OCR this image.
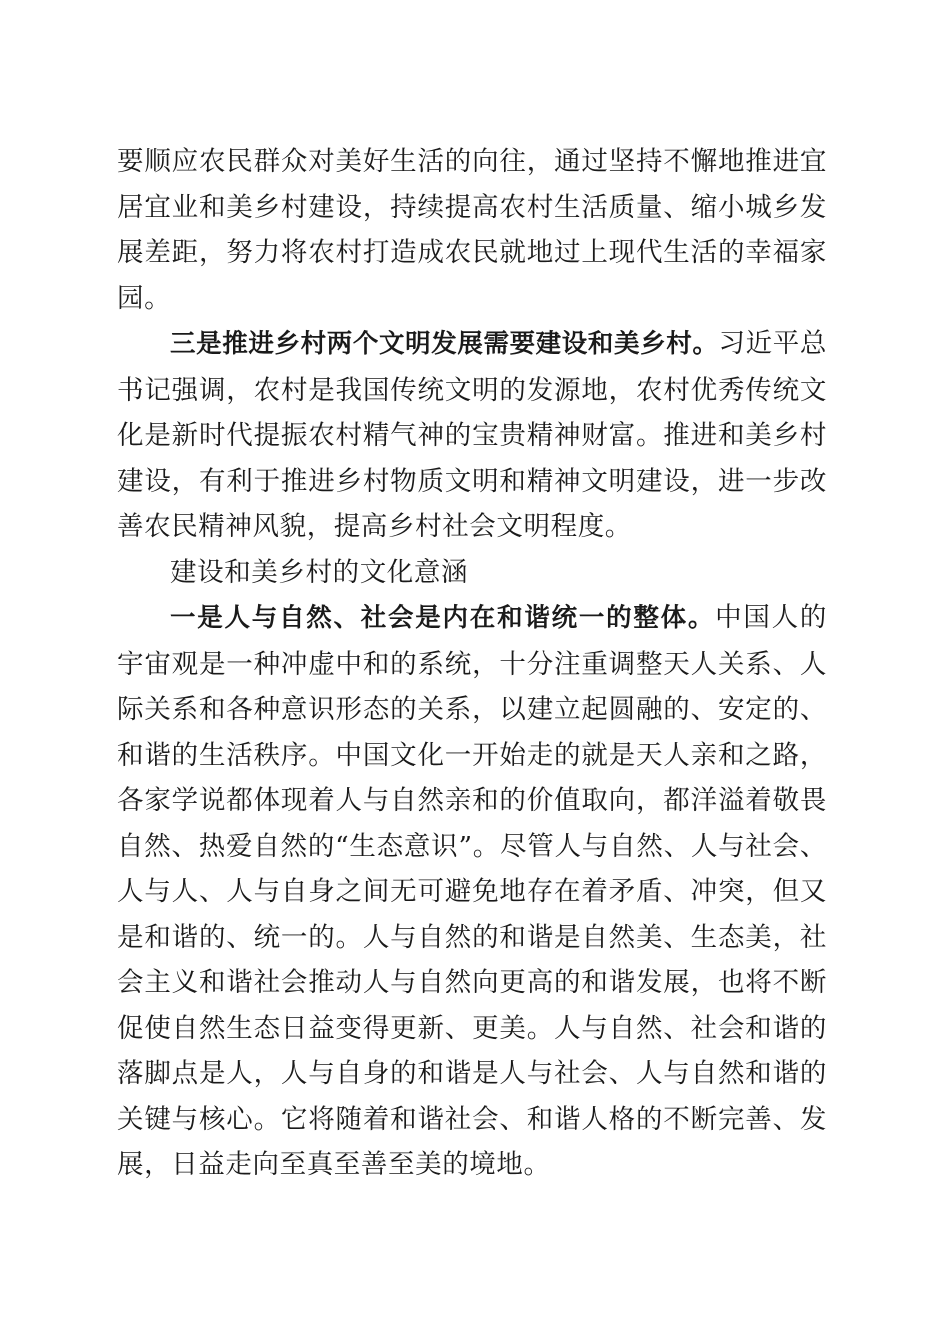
要顺应农民群众对美好生活的向往，通过坚持不懈地推进宜居宜业和美乡村建设，持续提高农村生活质量、缩小城乡发展差距，努力将农村打造成农民就地过上现代生活的幸福家园。

三是推进乡村两个文明发展需要建设和美乡村。习近平总书记强调，农村是我国传统文明的发源地，农村优秀传统文化是新时代提振农村精气神的宝贵精神财富。推进和美乡村建设，有利于推进乡村物质文明和精神文明建设，进一步改善农民精神风貌，提高乡村社会文明程度。

建设和美乡村的文化意涵

一是人与自然、社会是内在和谐统一的整体。中国人的宇宙观是一种冲虚中和的系统，十分注重调整天人关系、人际关系和各种意识形态的关系，以建立起圆融的、安定的、和谐的生活秩序。中国文化一开始走的就是天人亲和之路，各家学说都体现着人与自然亲和的价值取向，都洋溢着敬畏自然、热爱自然的“生态意识”。尽管人与自然、人与社会、人与人、人与自身之间无可避免地存在着矛盾、冲突，但又是和谐的、统一的。人与自然的和谐是自然美、生态美，社会主义和谐社会推动人与自然向更高的和谐发展，也将不断促使自然生态日益变得更新、更美。人与自然、社会和谐的落脚点是人，人与自身的和谐是人与社会、人与自然和谐的关键与核心。它将随着和谐社会、和谐人格的不断完善、发展，日益走向至真至善至美的境地。
